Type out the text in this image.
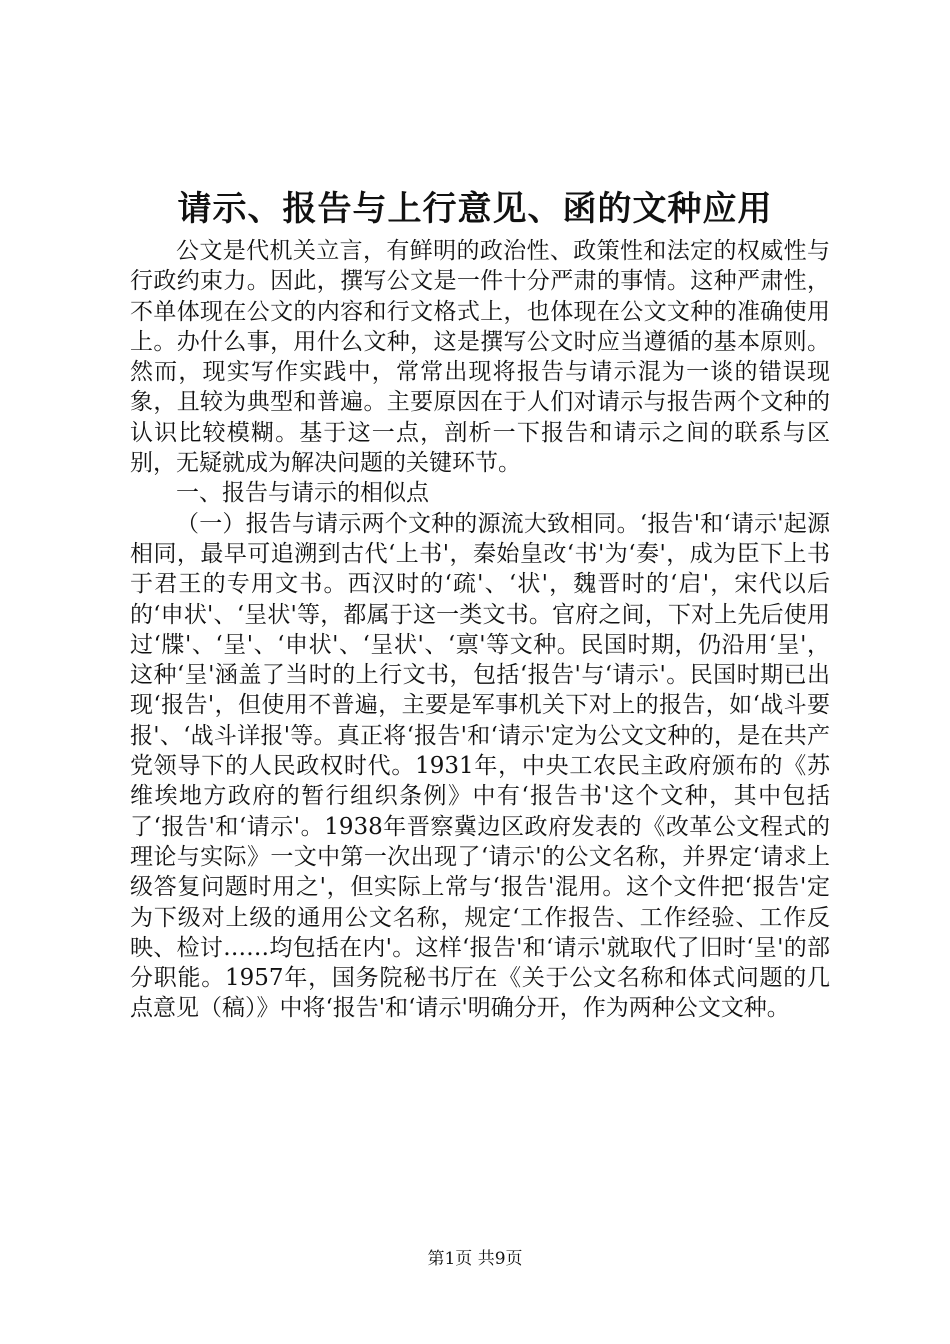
请示、报告与上行意见、函的文种应用

公文是代机关立言，有鲜明的政治性、政策性和法定的权威性与行政约束力。因此，撰写公文是一件十分严肃的事情。这种严肃性，不单体现在公文的内容和行文格式上，也体现在公文文种的准确使用上。办什么事，用什么文种，这是撰写公文时应当遵循的基本原则。然而，现实写作实践中，常常出现将报告与请示混为一谈的错误现象，且较为典型和普遍。主要原因在于人们对请示与报告两个文种的认识比较模糊。基于这一点，剖析一下报告和请示之间的联系与区别，无疑就成为解决问题的关键环节。

一、报告与请示的相似点

（一）报告与请示两个文种的源流大致相同。‘报告'和‘请示'起源相同，最早可追溯到古代‘上书'，秦始皇改‘书'为‘奏'，成为臣下上书于君王的专用文书。西汉时的‘疏'、‘状'，魏晋时的‘启'，宋代以后的‘申状'、‘呈状'等，都属于这一类文书。官府之间，下对上先后使用过‘牒'、‘呈'、‘申状'、‘呈状'、‘禀'等文种。民国时期，仍沿用‘呈'，这种‘呈'涵盖了当时的上行文书，包括‘报告'与‘请示'。民国时期已出现‘报告'，但使用不普遍，主要是军事机关下对上的报告，如‘战斗要报'、‘战斗详报'等。真正将‘报告'和‘请示'定为公文文种的，是在共产党领导下的人民政权时代。1931年，中央工农民主政府颁布的《苏维埃地方政府的暂行组织条例》中有‘报告书'这个文种，其中包括了‘报告'和‘请示'。1938年晋察冀边区政府发表的《改革公文程式的理论与实际》一文中第一次出现了‘请示'的公文名称，并界定‘请求上级答复问题时用之'，但实际上常与‘报告'混用。这个文件把‘报告'定为下级对上级的通用公文名称，规定‘工作报告、工作经验、工作反映、检讨……均包括在内'。这样‘报告'和‘请示'就取代了旧时‘呈'的部分职能。1957年，国务院秘书厅在《关于公文名称和体式问题的几点意见（稿）》中将‘报告'和‘请示'明确分开，作为两种公文文种。

第1页 共9页
